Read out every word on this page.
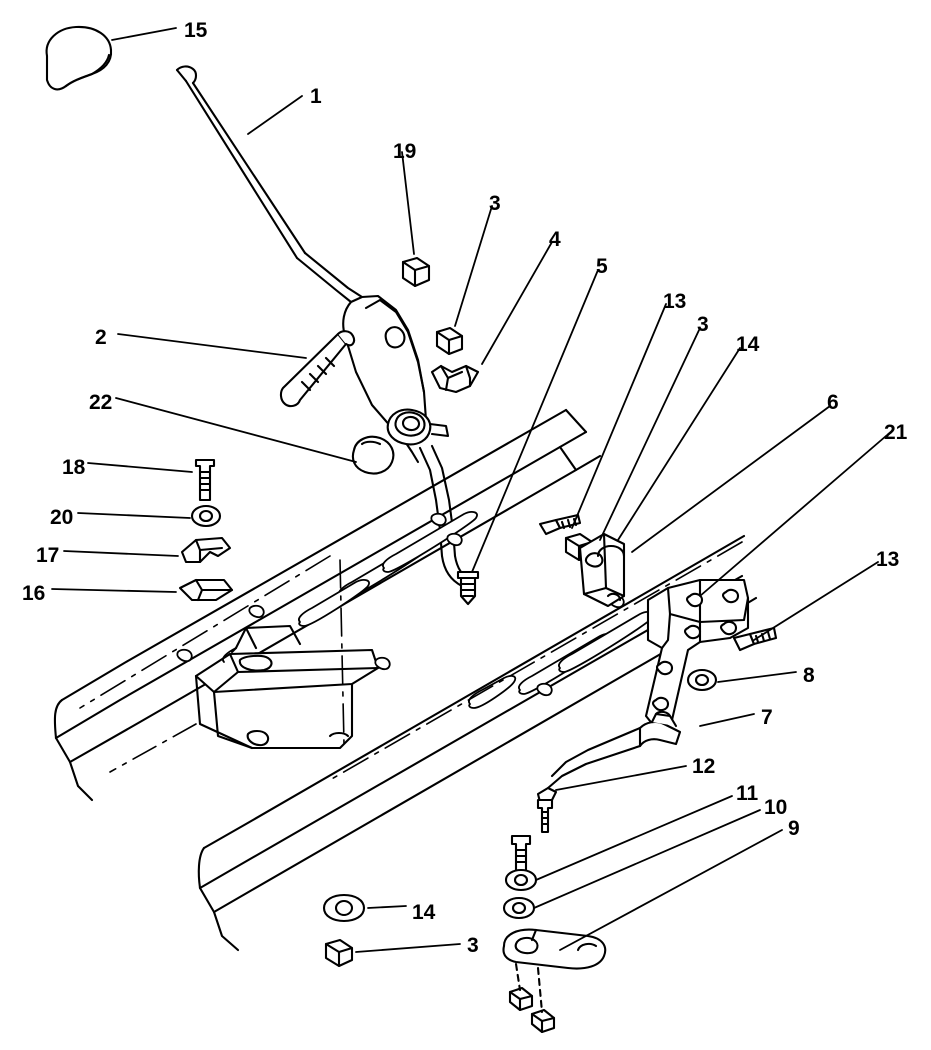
15
1
19
3
4
5
13
3
14
2
22	6
21
18
20
17	13
16
8
7
12
11
10
9
14
3
